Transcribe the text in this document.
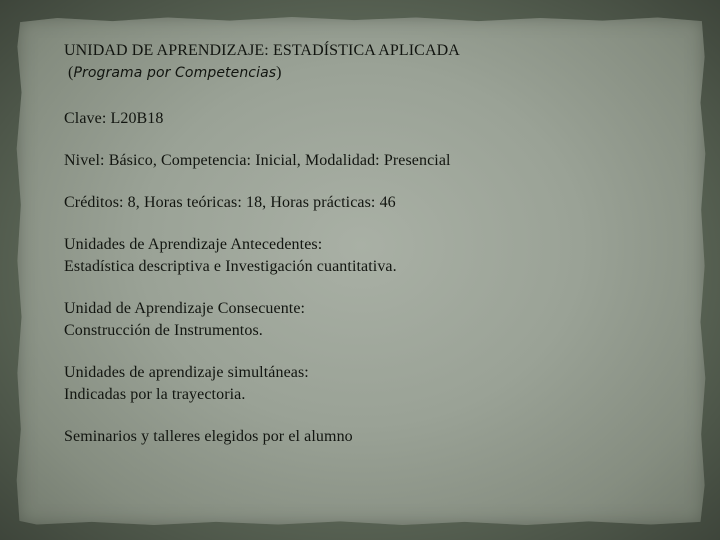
UNIDAD DE APRENDIZAJE: ESTADÍSTICA APLICADA
(Programa por Competencias)
Clave: L20B18
Nivel: Básico, Competencia: Inicial, Modalidad: Presencial
Créditos: 8, Horas teóricas: 18, Horas prácticas: 46
Unidades de Aprendizaje Antecedentes:
Estadística descriptiva e Investigación cuantitativa.
Unidad de Aprendizaje Consecuente:
Construcción de Instrumentos.
Unidades de aprendizaje simultáneas:
Indicadas por la trayectoria.
Seminarios y talleres elegidos por el alumno
